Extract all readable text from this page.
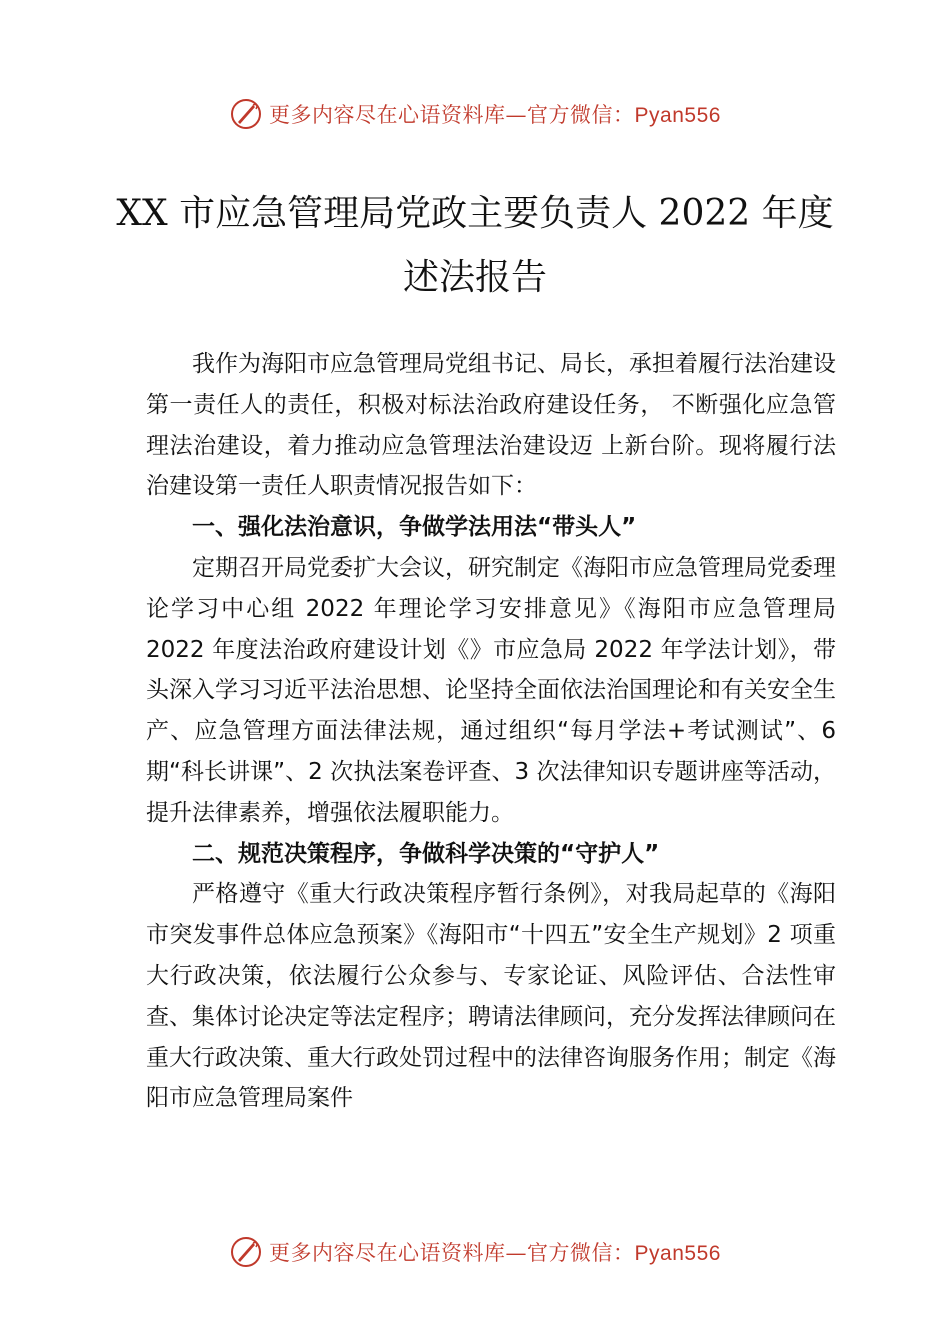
更多内容尽在心语资料库—官方微信：Pyan556
XX 市应急管理局党政主要负责人 2022 年度述法报告

我作为海阳市应急管理局党组书记、局长，承担着履行法治建设第一责任人的责任，积极对标法治政府建设任务， 不断强化应急管理法治建设，着力推动应急管理法治建设迈 上新台阶。现将履行法治建设第一责任人职责情况报告如下：

一、强化法治意识，争做学法用法“带头人”

定期召开局党委扩大会议，研究制定《海阳市应急管理局党委理论学习中心组 2022 年理论学习安排意见》《海阳市应急管理局 2022 年度法治政府建设计划《》市应急局 2022 年学法计划》，带头深入学习习近平法治思想、论坚持全面依法治国理论和有关安全生产、应急管理方面法律法规，通过组织“每月学法+考试测试”、6 期“科长讲课”、2 次执法案卷评查、3 次法律知识专题讲座等活动，提升法律素养，增强依法履职能力。

二、规范决策程序，争做科学决策的“守护人”

严格遵守《重大行政决策程序暂行条例》，对我局起草的《海阳市突发事件总体应急预案》《海阳市“十四五”安全生产规划》2 项重大行政决策，依法履行公众参与、专家论证、风险评估、合法性审查、集体讨论决定等法定程序；聘请法律顾问，充分发挥法律顾问在重大行政决策、重大行政处罚过程中的法律咨询服务作用；制定《海阳市应急管理局案件

更多内容尽在心语资料库—官方微信：Pyan556
